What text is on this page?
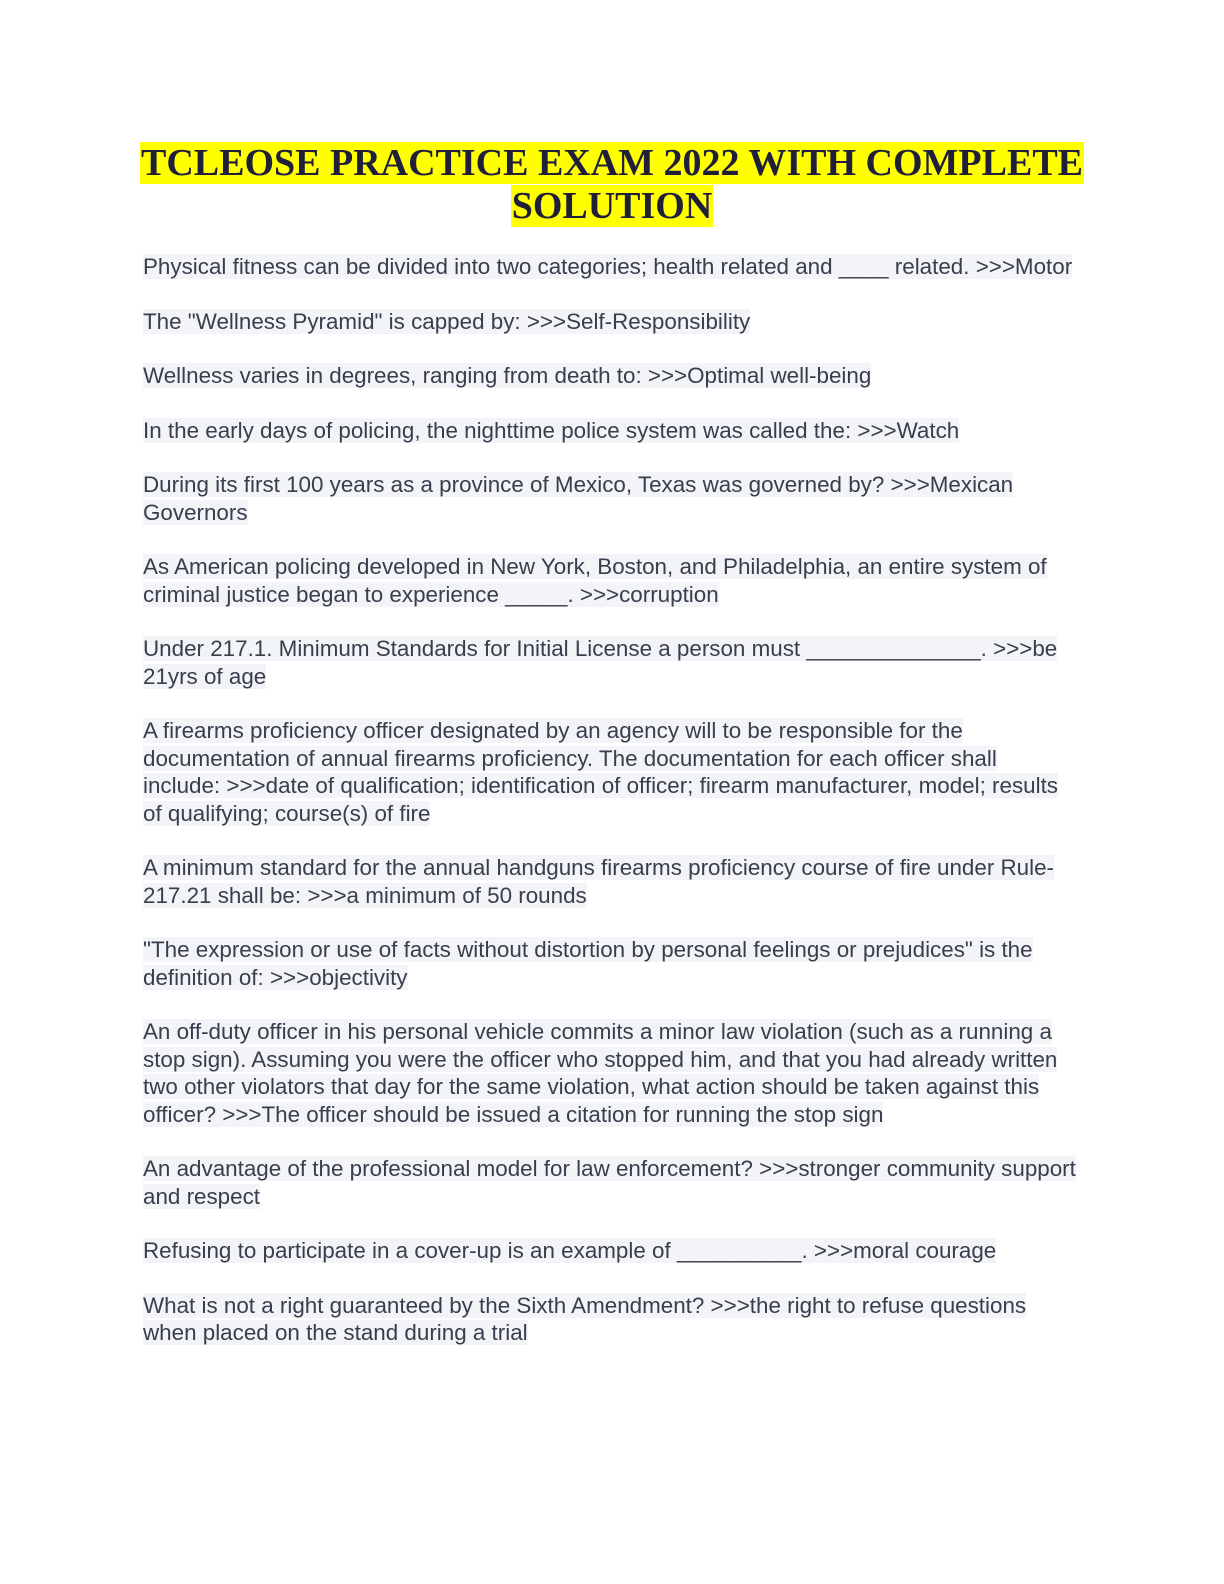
TCLEOSE PRACTICE EXAM 2022 WITH COMPLETE
SOLUTION
Physical fitness can be divided into two categories; health related and ____ related. >>>Motor
The "Wellness Pyramid" is capped by: >>>Self-Responsibility
Wellness varies in degrees, ranging from death to: >>>Optimal well-being
In the early days of policing, the nighttime police system was called the: >>>Watch
During its first 100 years as a province of Mexico, Texas was governed by? >>>Mexican Governors
As American policing developed in New York, Boston, and Philadelphia, an entire system of criminal justice began to experience _____. >>>corruption
Under 217.1. Minimum Standards for Initial License a person must ______________. >>>be 21yrs of age
A firearms proficiency officer designated by an agency will to be responsible for the documentation of annual firearms proficiency. The documentation for each officer shall include: >>>date of qualification; identification of officer; firearm manufacturer, model; results of qualifying; course(s) of fire
A minimum standard for the annual handguns firearms proficiency course of fire under Rule- 217.21 shall be: >>>a minimum of 50 rounds
"The expression or use of facts without distortion by personal feelings or prejudices" is the definition of: >>>objectivity
An off-duty officer in his personal vehicle commits a minor law violation (such as a running a stop sign). Assuming you were the officer who stopped him, and that you had already written two other violators that day for the same violation, what action should be taken against this officer? >>>The officer should be issued a citation for running the stop sign
An advantage of the professional model for law enforcement? >>>stronger community support and respect
Refusing to participate in a cover-up is an example of __________. >>>moral courage
What is not a right guaranteed by the Sixth Amendment? >>>the right to refuse questions when placed on the stand during a trial
